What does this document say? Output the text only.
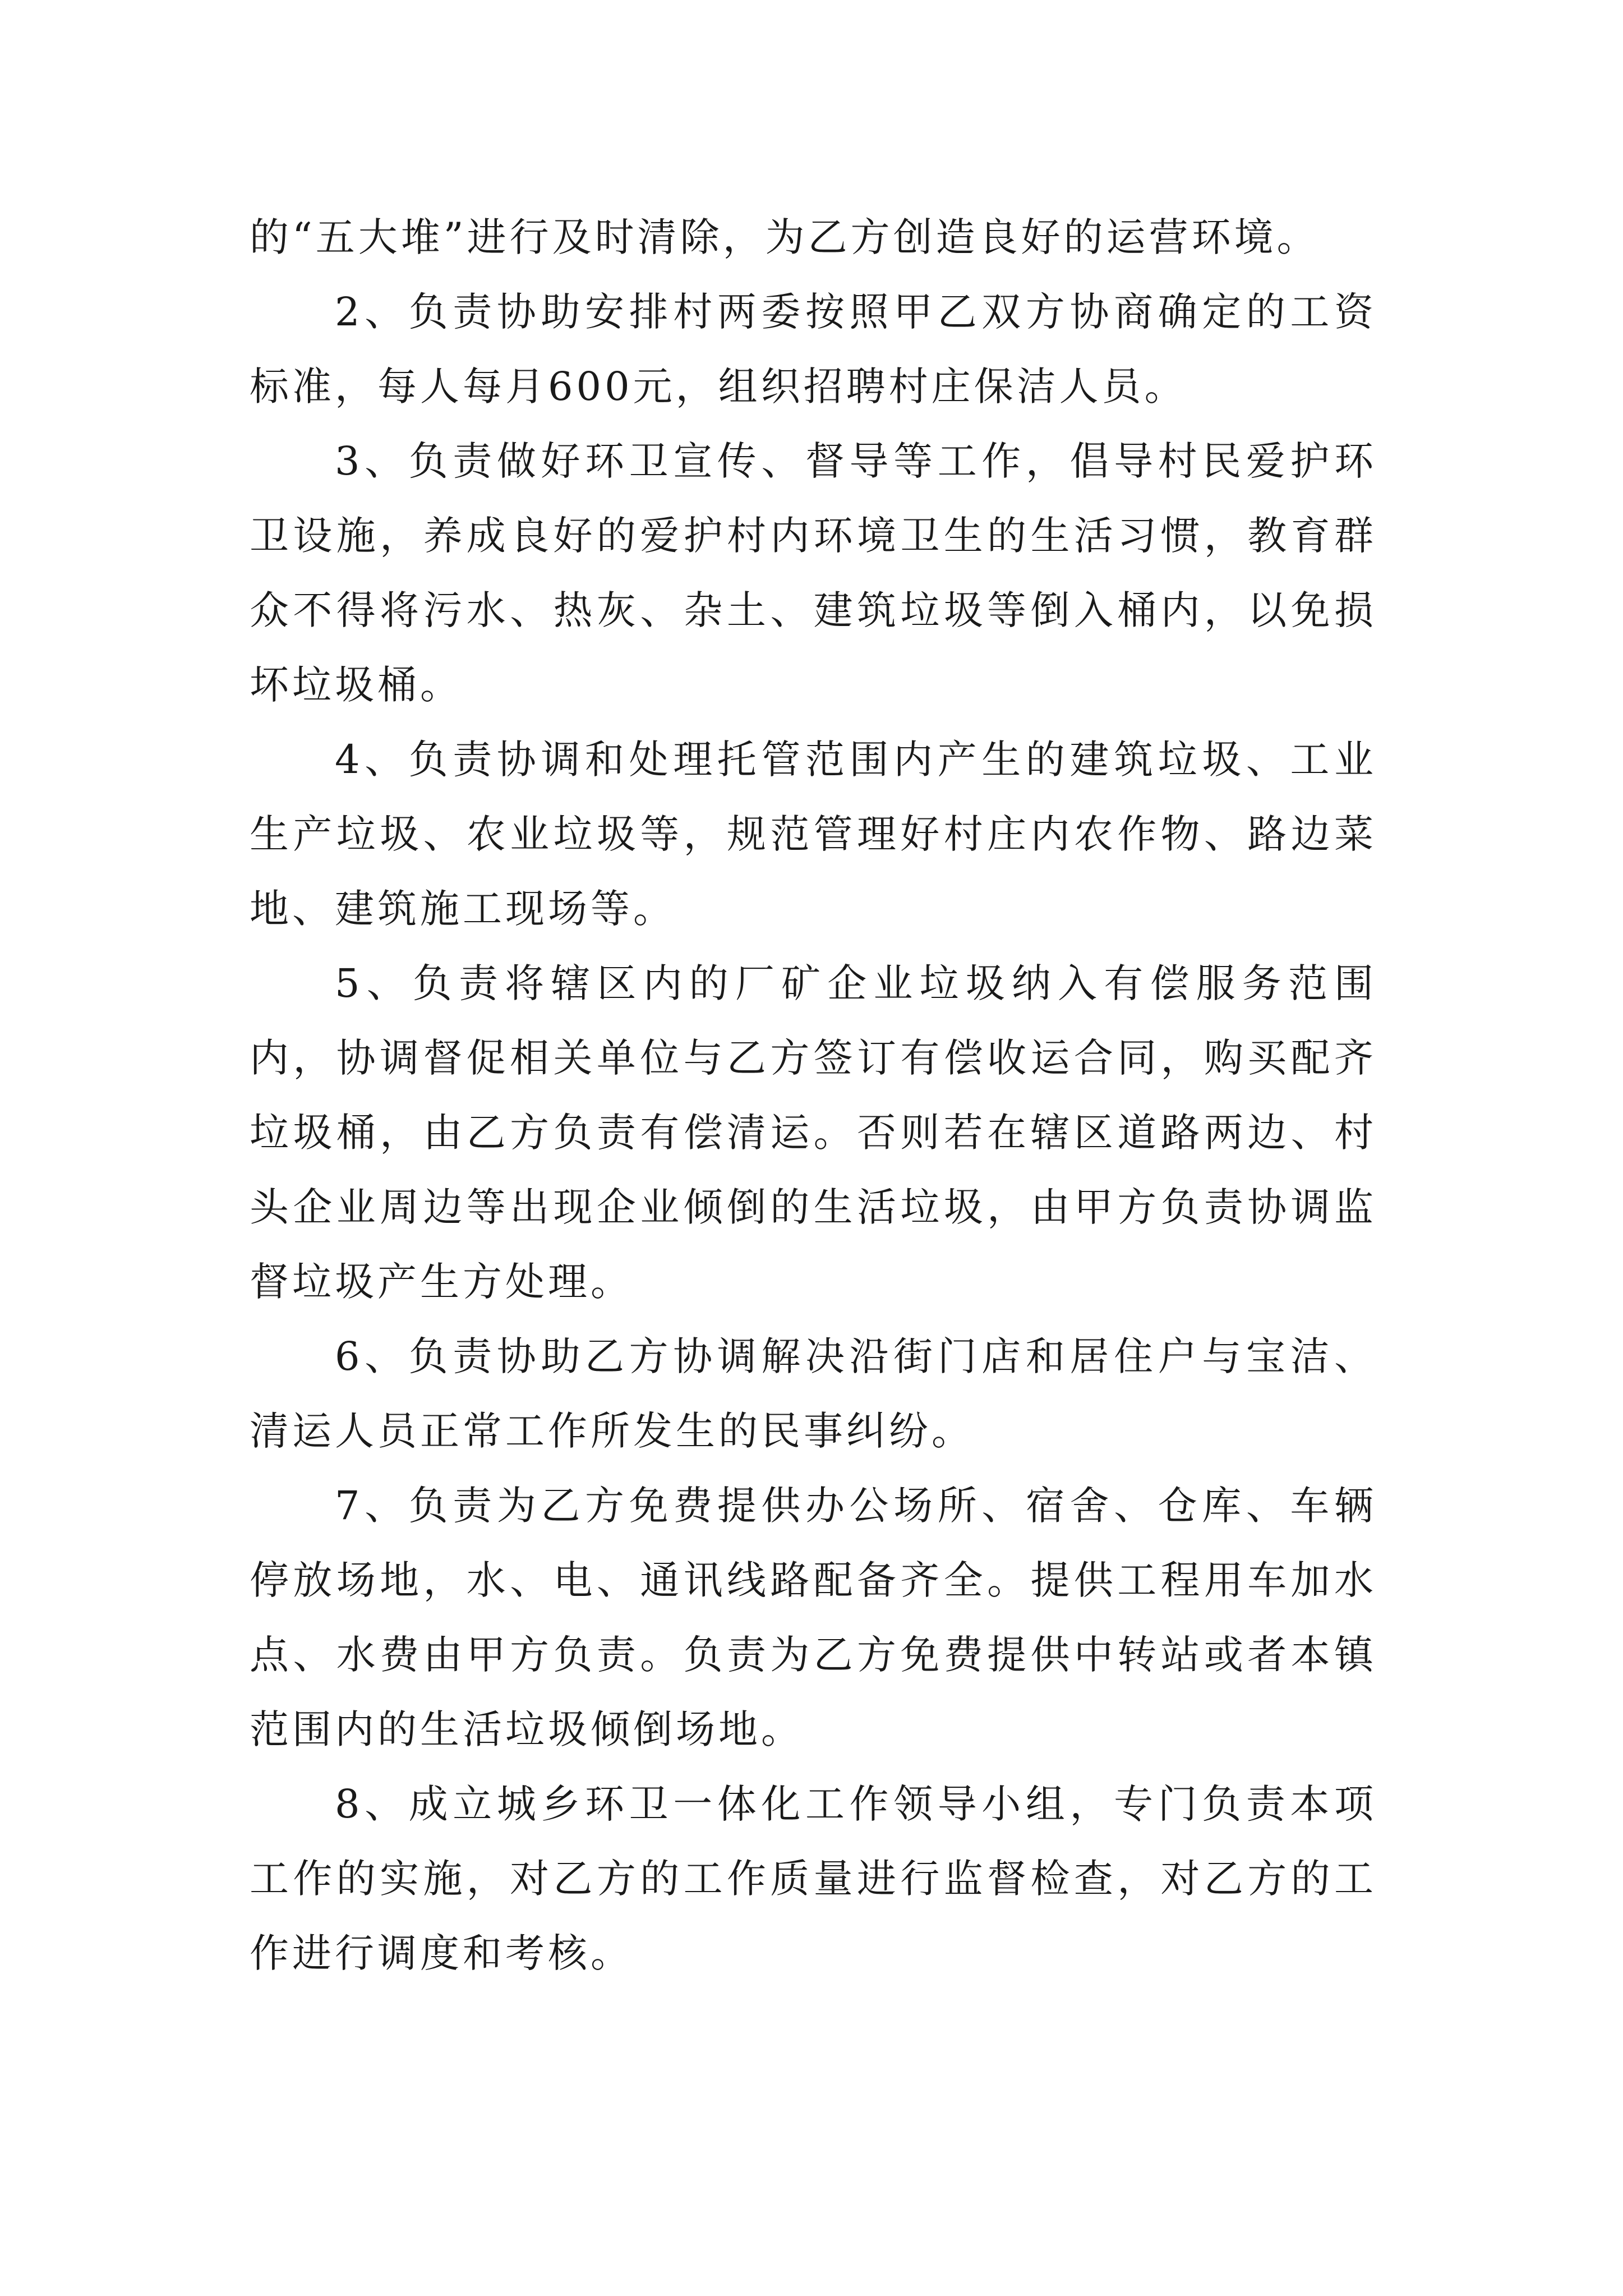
的“五大堆”进行及时清除，为乙方创造良好的运营环境。

2、负责协助安排村两委按照甲乙双方协商确定的工资标准，每人每月600元，组织招聘村庄保洁人员。

3、负责做好环卫宣传、督导等工作，倡导村民爱护环卫设施，养成良好的爱护村内环境卫生的生活习惯，教育群众不得将污水、热灰、杂土、建筑垃圾等倒入桶内，以免损坏垃圾桶。

4、负责协调和处理托管范围内产生的建筑垃圾、工业生产垃圾、农业垃圾等，规范管理好村庄内农作物、路边菜地、建筑施工现场等。

5、负责将辖区内的厂矿企业垃圾纳入有偿服务范围内，协调督促相关单位与乙方签订有偿收运合同，购买配齐垃圾桶，由乙方负责有偿清运。否则若在辖区道路两边、村头企业周边等出现企业倾倒的生活垃圾，由甲方负责协调监督垃圾产生方处理。

6、负责协助乙方协调解决沿街门店和居住户与宝洁、清运人员正常工作所发生的民事纠纷。

7、负责为乙方免费提供办公场所、宿舍、仓库、车辆停放场地，水、电、通讯线路配备齐全。提供工程用车加水点、水费由甲方负责。负责为乙方免费提供中转站或者本镇范围内的生活垃圾倾倒场地。

8、成立城乡环卫一体化工作领导小组，专门负责本项工作的实施，对乙方的工作质量进行监督检查，对乙方的工作进行调度和考核。
